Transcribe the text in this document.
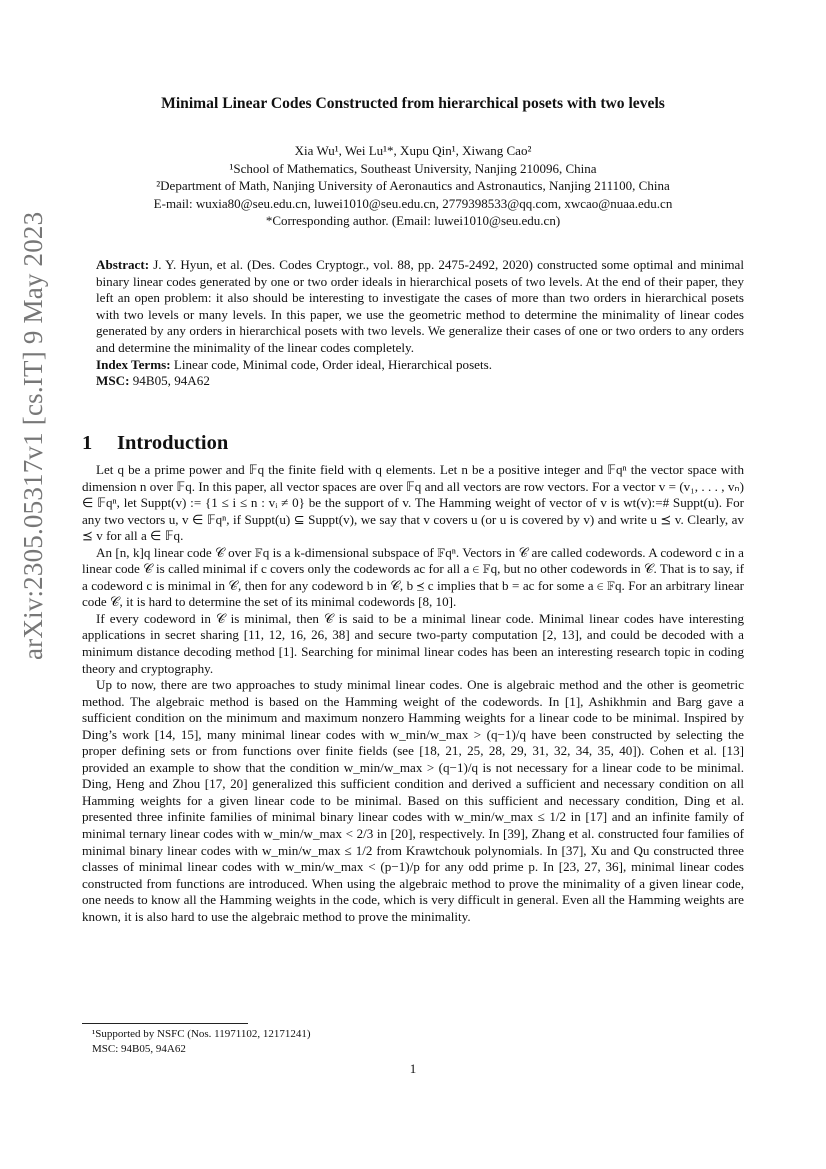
arXiv:2305.05317v1 [cs.IT] 9 May 2023
Minimal Linear Codes Constructed from hierarchical posets with two levels
Xia Wu¹, Wei Lu¹*, Xupu Qin¹, Xiwang Cao²
¹School of Mathematics, Southeast University, Nanjing 210096, China
²Department of Math, Nanjing University of Aeronautics and Astronautics, Nanjing 211100, China
E-mail: wuxia80@seu.edu.cn, luwei1010@seu.edu.cn, 2779398533@qq.com, xwcao@nuaa.edu.cn
*Corresponding author. (Email: luwei1010@seu.edu.cn)

Abstract: J. Y. Hyun, et al. (Des. Codes Cryptogr., vol. 88, pp. 2475-2492, 2020) constructed some optimal and minimal binary linear codes generated by one or two order ideals in hierarchical posets of two levels. At the end of their paper, they left an open problem: it also should be interesting to investigate the cases of more than two orders in hierarchical posets with two levels or many levels. In this paper, we use the geometric method to determine the minimality of linear codes generated by any orders in hierarchical posets with two levels. We generalize their cases of one or two orders to any orders and determine the minimality of the linear codes completely.

Index Terms: Linear code, Minimal code, Order ideal, Hierarchical posets.

MSC: 94B05, 94A62

1 Introduction

Let q be a prime power and 𝔽q the finite field with q elements. Let n be a positive integer and 𝔽qⁿ the vector space with dimension n over 𝔽q. In this paper, all vector spaces are over 𝔽q and all vectors are row vectors. For a vector v = (v₁, . . . , vₙ) ∈ 𝔽qⁿ, let Suppt(v) := {1 ≤ i ≤ n : vᵢ ≠ 0} be the support of v. The Hamming weight of vector of v is wt(v):=# Suppt(u). For any two vectors u, v ∈ 𝔽qⁿ, if Suppt(u) ⊆ Suppt(v), we say that v covers u (or u is covered by v) and write u ⪯ v. Clearly, av ⪯ v for all a ∈ 𝔽q.

An [n, k]q linear code 𝒞 over 𝔽q is a k-dimensional subspace of 𝔽qⁿ. Vectors in 𝒞 are called codewords. A codeword c in a linear code 𝒞 is called minimal if c covers only the codewords ac for all a ∈ 𝔽q, but no other codewords in 𝒞. That is to say, if a codeword c is minimal in 𝒞, then for any codeword b in 𝒞, b ⪯ c implies that b = ac for some a ∈ 𝔽q. For an arbitrary linear code 𝒞, it is hard to determine the set of its minimal codewords [8, 10].

If every codeword in 𝒞 is minimal, then 𝒞 is said to be a minimal linear code. Minimal linear codes have interesting applications in secret sharing [11, 12, 16, 26, 38] and secure two-party computation [2, 13], and could be decoded with a minimum distance decoding method [1]. Searching for minimal linear codes has been an interesting research topic in coding theory and cryptography.

Up to now, there are two approaches to study minimal linear codes. One is algebraic method and the other is geometric method. The algebraic method is based on the Hamming weight of the codewords. In [1], Ashikhmin and Barg gave a sufficient condition on the minimum and maximum nonzero Hamming weights for a linear code to be minimal. Inspired by Ding’s work [14, 15], many minimal linear codes with w_min/w_max > (q−1)/q have been constructed by selecting the proper defining sets or from functions over finite fields (see [18, 21, 25, 28, 29, 31, 32, 34, 35, 40]). Cohen et al. [13] provided an example to show that the condition w_min/w_max > (q−1)/q is not necessary for a linear code to be minimal. Ding, Heng and Zhou [17, 20] generalized this sufficient condition and derived a sufficient and necessary condition on all Hamming weights for a given linear code to be minimal. Based on this sufficient and necessary condition, Ding et al. presented three infinite families of minimal binary linear codes with w_min/w_max ≤ 1/2 in [17] and an infinite family of minimal ternary linear codes with w_min/w_max < 2/3 in [20], respectively. In [39], Zhang et al. constructed four families of minimal binary linear codes with w_min/w_max ≤ 1/2 from Krawtchouk polynomials. In [37], Xu and Qu constructed three classes of minimal linear codes with w_min/w_max < (p−1)/p for any odd prime p. In [23, 27, 36], minimal linear codes constructed from functions are introduced. When using the algebraic method to prove the minimality of a given linear code, one needs to know all the Hamming weights in the code, which is very difficult in general. Even all the Hamming weights are known, it is also hard to use the algebraic method to prove the minimality.

¹Supported by NSFC (Nos. 11971102, 12171241)
MSC: 94B05, 94A62
1
